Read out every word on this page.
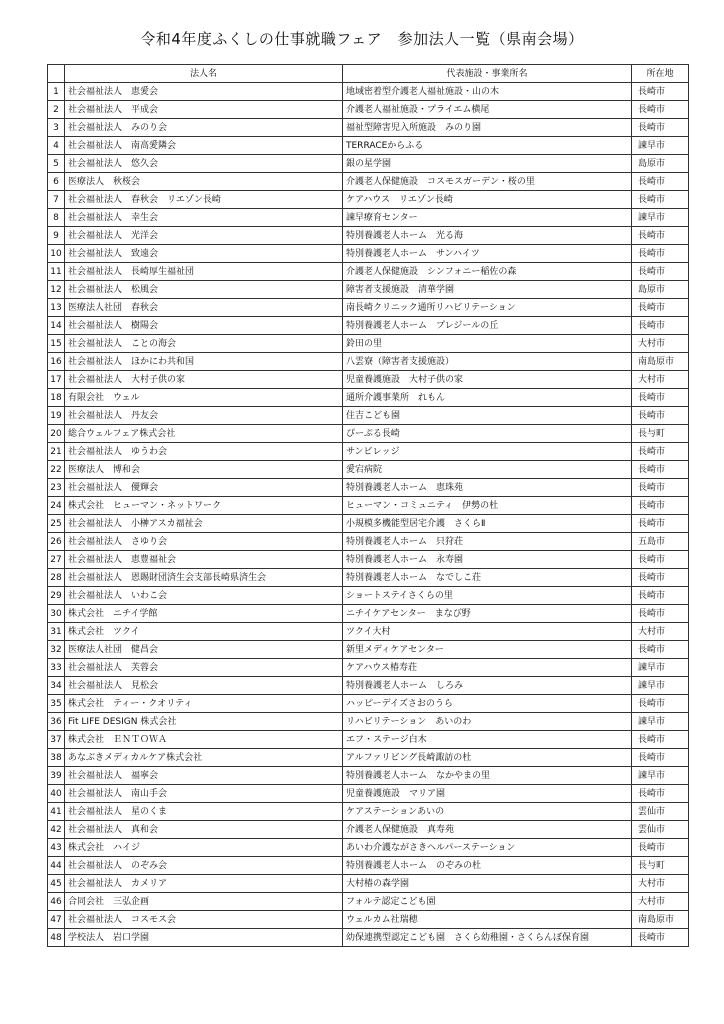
令和4年度ふくしの仕事就職フェア　参加法人一覧（県南会場）
	法人名	代表施設・事業所名	所在地
1	社会福祉法人　恵愛会	地域密着型介護老人福祉施設・山の木	長崎市
2	社会福祉法人　平成会	介護老人福祉施設・プライエム横尾	長崎市
3	社会福祉法人　みのり会	福祉型障害児入所施設　みのり園	長崎市
4	社会福祉法人　南高愛隣会	TERRACEからふる	諫早市
5	社会福祉法人　悠久会	銀の星学園	島原市
6	医療法人　秋桜会	介護老人保健施設　コスモスガーデン・桜の里	長崎市
7	社会福祉法人　春秋会　リエゾン長崎	ケアハウス　リエゾン長崎	長崎市
8	社会福祉法人　幸生会	諫早療育センター	諫早市
9	社会福祉法人　光洋会	特別養護老人ホーム　光る海	長崎市
10	社会福祉法人　致遠会	特別養護老人ホーム　サンハイツ	長崎市
11	社会福祉法人　長崎厚生福祉団	介護老人保健施設　シンフォニー稲佐の森	長崎市
12	社会福祉法人　松風会	障害者支援施設　清華学園	島原市
13	医療法人社団　春秋会	南長崎クリニック通所リハビリテーション	長崎市
14	社会福祉法人　樹陽会	特別養護老人ホーム　プレジールの丘	長崎市
15	社会福祉法人　ことの海会	鈴田の里	大村市
16	社会福祉法人　ほかにわ共和国	八雲寮（障害者支援施設）	南島原市
17	社会福祉法人　大村子供の家	児童養護施設　大村子供の家	大村市
18	有限会社　ウェル	通所介護事業所　れもん	長崎市
19	社会福祉法人　丹友会	住吉こども園	長崎市
20	総合ウェルフェア株式会社	ぴーぷる長崎	長与町
21	社会福祉法人　ゆうわ会	サンビレッジ	長崎市
22	医療法人　博和会	愛宕病院	長崎市
23	社会福祉法人　優輝会	特別養護老人ホーム　恵珠苑	長崎市
24	株式会社　ヒューマン・ネットワーク	ヒューマン・コミュニティ　伊勢の杜	長崎市
25	社会福祉法人　小榊アスカ福祉会	小規模多機能型居宅介護　さくらⅡ	長崎市
26	社会福祉法人　さゆり会	特別養護老人ホーム　只狩荘	五島市
27	社会福祉法人　恵豊福祉会	特別養護老人ホーム　永寿園	長崎市
28	社会福祉法人　恩賜財団済生会支部長崎県済生会	特別養護老人ホーム　なでしこ荘	長崎市
29	社会福祉法人　いわこ会	ショートステイさくらの里	長崎市
30	株式会社　ニチイ学館	ニチイケアセンター　まなび野	長崎市
31	株式会社　ツクイ	ツクイ大村	大村市
32	医療法人社団　健昌会	新里メディケアセンター	長崎市
33	社会福祉法人　芙蓉会	ケアハウス椿寿荘	諫早市
34	社会福祉法人　見松会	特別養護老人ホーム　しろみ	諫早市
35	株式会社　ティー・クオリティ	ハッピーデイズさおのうら	長崎市
36	Fit LIFE DESIGN 株式会社	リハビリテーション　あいのわ	諫早市
37	株式会社　ＥＮＴＯＷＡ	エフ・ステージ白木	長崎市
38	あなぶきメディカルケア株式会社	アルファリビング長崎諏訪の杜	長崎市
39	社会福祉法人　福寧会	特別養護老人ホーム　なかやまの里	諫早市
40	社会福祉法人　南山手会	児童養護施設　マリア園	長崎市
41	社会福祉法人　星のくま	ケアステーションあいの	雲仙市
42	社会福祉法人　真和会	介護老人保健施設　真寿苑	雲仙市
43	株式会社　ハイジ	あいわ介護ながさきヘルパーステーション	長崎市
44	社会福祉法人　のぞみ会	特別養護老人ホーム　のぞみの杜	長与町
45	社会福祉法人　カメリア	大村椿の森学園	大村市
46	合同会社　三弘企画	フォルテ認定こども園	大村市
47	社会福祉法人　コスモス会	ウェルカム社瑞穂	南島原市
48	学校法人　岩口学園	幼保連携型認定こども園　さくら幼稚園・さくらんぼ保育園	長崎市
